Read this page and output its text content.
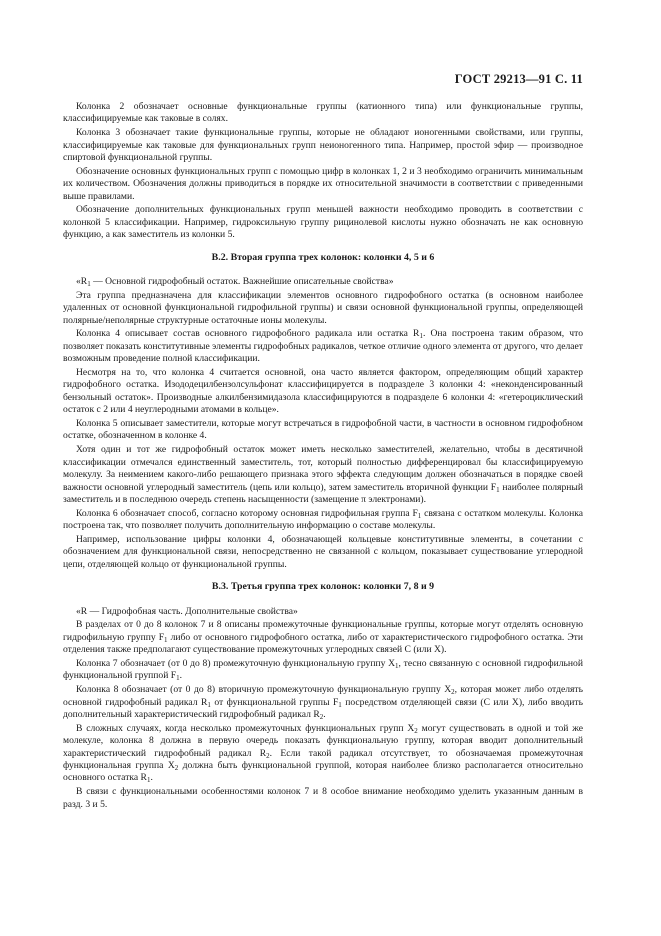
ГОСТ 29213—91 С. 11

Колонка 2 обозначает основные функциональные группы (катионного типа) или функциональные группы, классифицируемые как таковые в солях.

Колонка 3 обозначает такие функциональные группы, которые не обладают ионогенными свойствами, или группы, классифицируемые как таковые для функциональных групп неионогенного типа. Например, простой эфир — производное спиртовой функциональной группы.

Обозначение основных функциональных групп с помощью цифр в колонках 1, 2 и 3 необходимо ограничить минимальным их количеством. Обозначения должны приводиться в порядке их относительной значимости в соответствии с приведенными выше правилами.

Обозначение дополнительных функциональных групп меньшей важности необходимо проводить в соответствии с колонкой 5 классификации. Например, гидроксильную группу рицинолевой кислоты нужно обозначать не как основную функцию, а как заместитель из колонки 5.

В.2. Вторая группа трех колонок: колонки 4, 5 и 6

«$R_1$ — Основной гидрофобный остаток. Важнейшие описательные свойства»

Эта группа предназначена для классификации элементов основного гидрофобного остатка (в основном наиболее удаленных от основной функциональной гидрофильной группы) и связи основной функциональной группы, определяющей полярные/неполярные структурные остаточные ионы молекулы.

Колонка 4 описывает состав основного гидрофобного радикала или остатка $R_1$. Она построена таким образом, что позволяет показать конститутивные элементы гидрофобных радикалов, четкое отличие одного элемента от другого, что делает возможным проведение полной классификации.

Несмотря на то, что колонка 4 считается основной, она часто является фактором, определяющим общий характер гидрофобного остатка. Изододецилбензолсульфонат классифицируется в подразделе 3 колонки 4: «неконденсированный бензольный остаток». Производные алкилбензимидазола классифицируются в подразделе 6 колонки 4: «гетероциклический остаток с 2 или 4 неуглеродными атомами в кольце».

Колонка 5 описывает заместители, которые могут встречаться в гидрофобной части, в частности в основном гидрофобном остатке, обозначенном в колонке 4.

Хотя один и тот же гидрофобный остаток может иметь несколько заместителей, желательно, чтобы в десятичной классификации отмечался единственный заместитель, тот, который полностью дифференцировал бы классифицируемую молекулу. За неимением какого-либо решающего признака этого эффекта следующим должен обозначаться в порядке своей важности основной углеродный заместитель (цепь или кольцо), затем заместитель вторичной функции $F_1$ наиболее полярный заместитель и в последнюю очередь степень насыщенности (замещение π электронами).

Колонка 6 обозначает способ, согласно которому основная гидрофильная группа $F_1$ связана с остатком молекулы. Колонка построена так, что позволяет получить дополнительную информацию о составе молекулы.

Например, использование цифры колонки 4, обозначающей кольцевые конститутивные элементы, в сочетании с обозначением для функциональной связи, непосредственно не связанной с кольцом, показывает существование углеродной цепи, отделяющей кольцо от функциональной группы.

В.3. Третья группа трех колонок: колонки 7, 8 и 9

«R — Гидрофобная часть. Дополнительные свойства»

В разделах от 0 до 8 колонок 7 и 8 описаны промежуточные функциональные группы, которые могут отделять основную гидрофильную группу $F_1$ либо от основного гидрофобного остатка, либо от характеристического гидрофобного остатка. Эти отделения также предполагают существование промежуточных углеродных связей С (или X).

Колонка 7 обозначает (от 0 до 8) промежуточную функциональную группу $X_1$, тесно связанную с основной гидрофильной функциональной группой $F_1$.

Колонка 8 обозначает (от 0 до 8) вторичную промежуточную функциональную группу $X_2$, которая может либо отделять основной гидрофобный радикал $R_1$ от функциональной группы $F_1$ посредством отделяющей связи (С или X), либо вводить дополнительный характеристический гидрофобный радикал $R_2$.

В сложных случаях, когда несколько промежуточных функциональных групп $X_2$ могут существовать в одной и той же молекуле, колонка 8 должна в первую очередь показать функциональную группу, которая вводит дополнительный характеристический гидрофобный радикал $R_2$. Если такой радикал отсутствует, то обозначаемая промежуточная функциональная группа $X_2$ должна быть функциональной группой, которая наиболее близко располагается относительно основного остатка $R_1$.

В связи с функциональными особенностями колонок 7 и 8 особое внимание необходимо уделить указанным данным в разд. 3 и 5.
